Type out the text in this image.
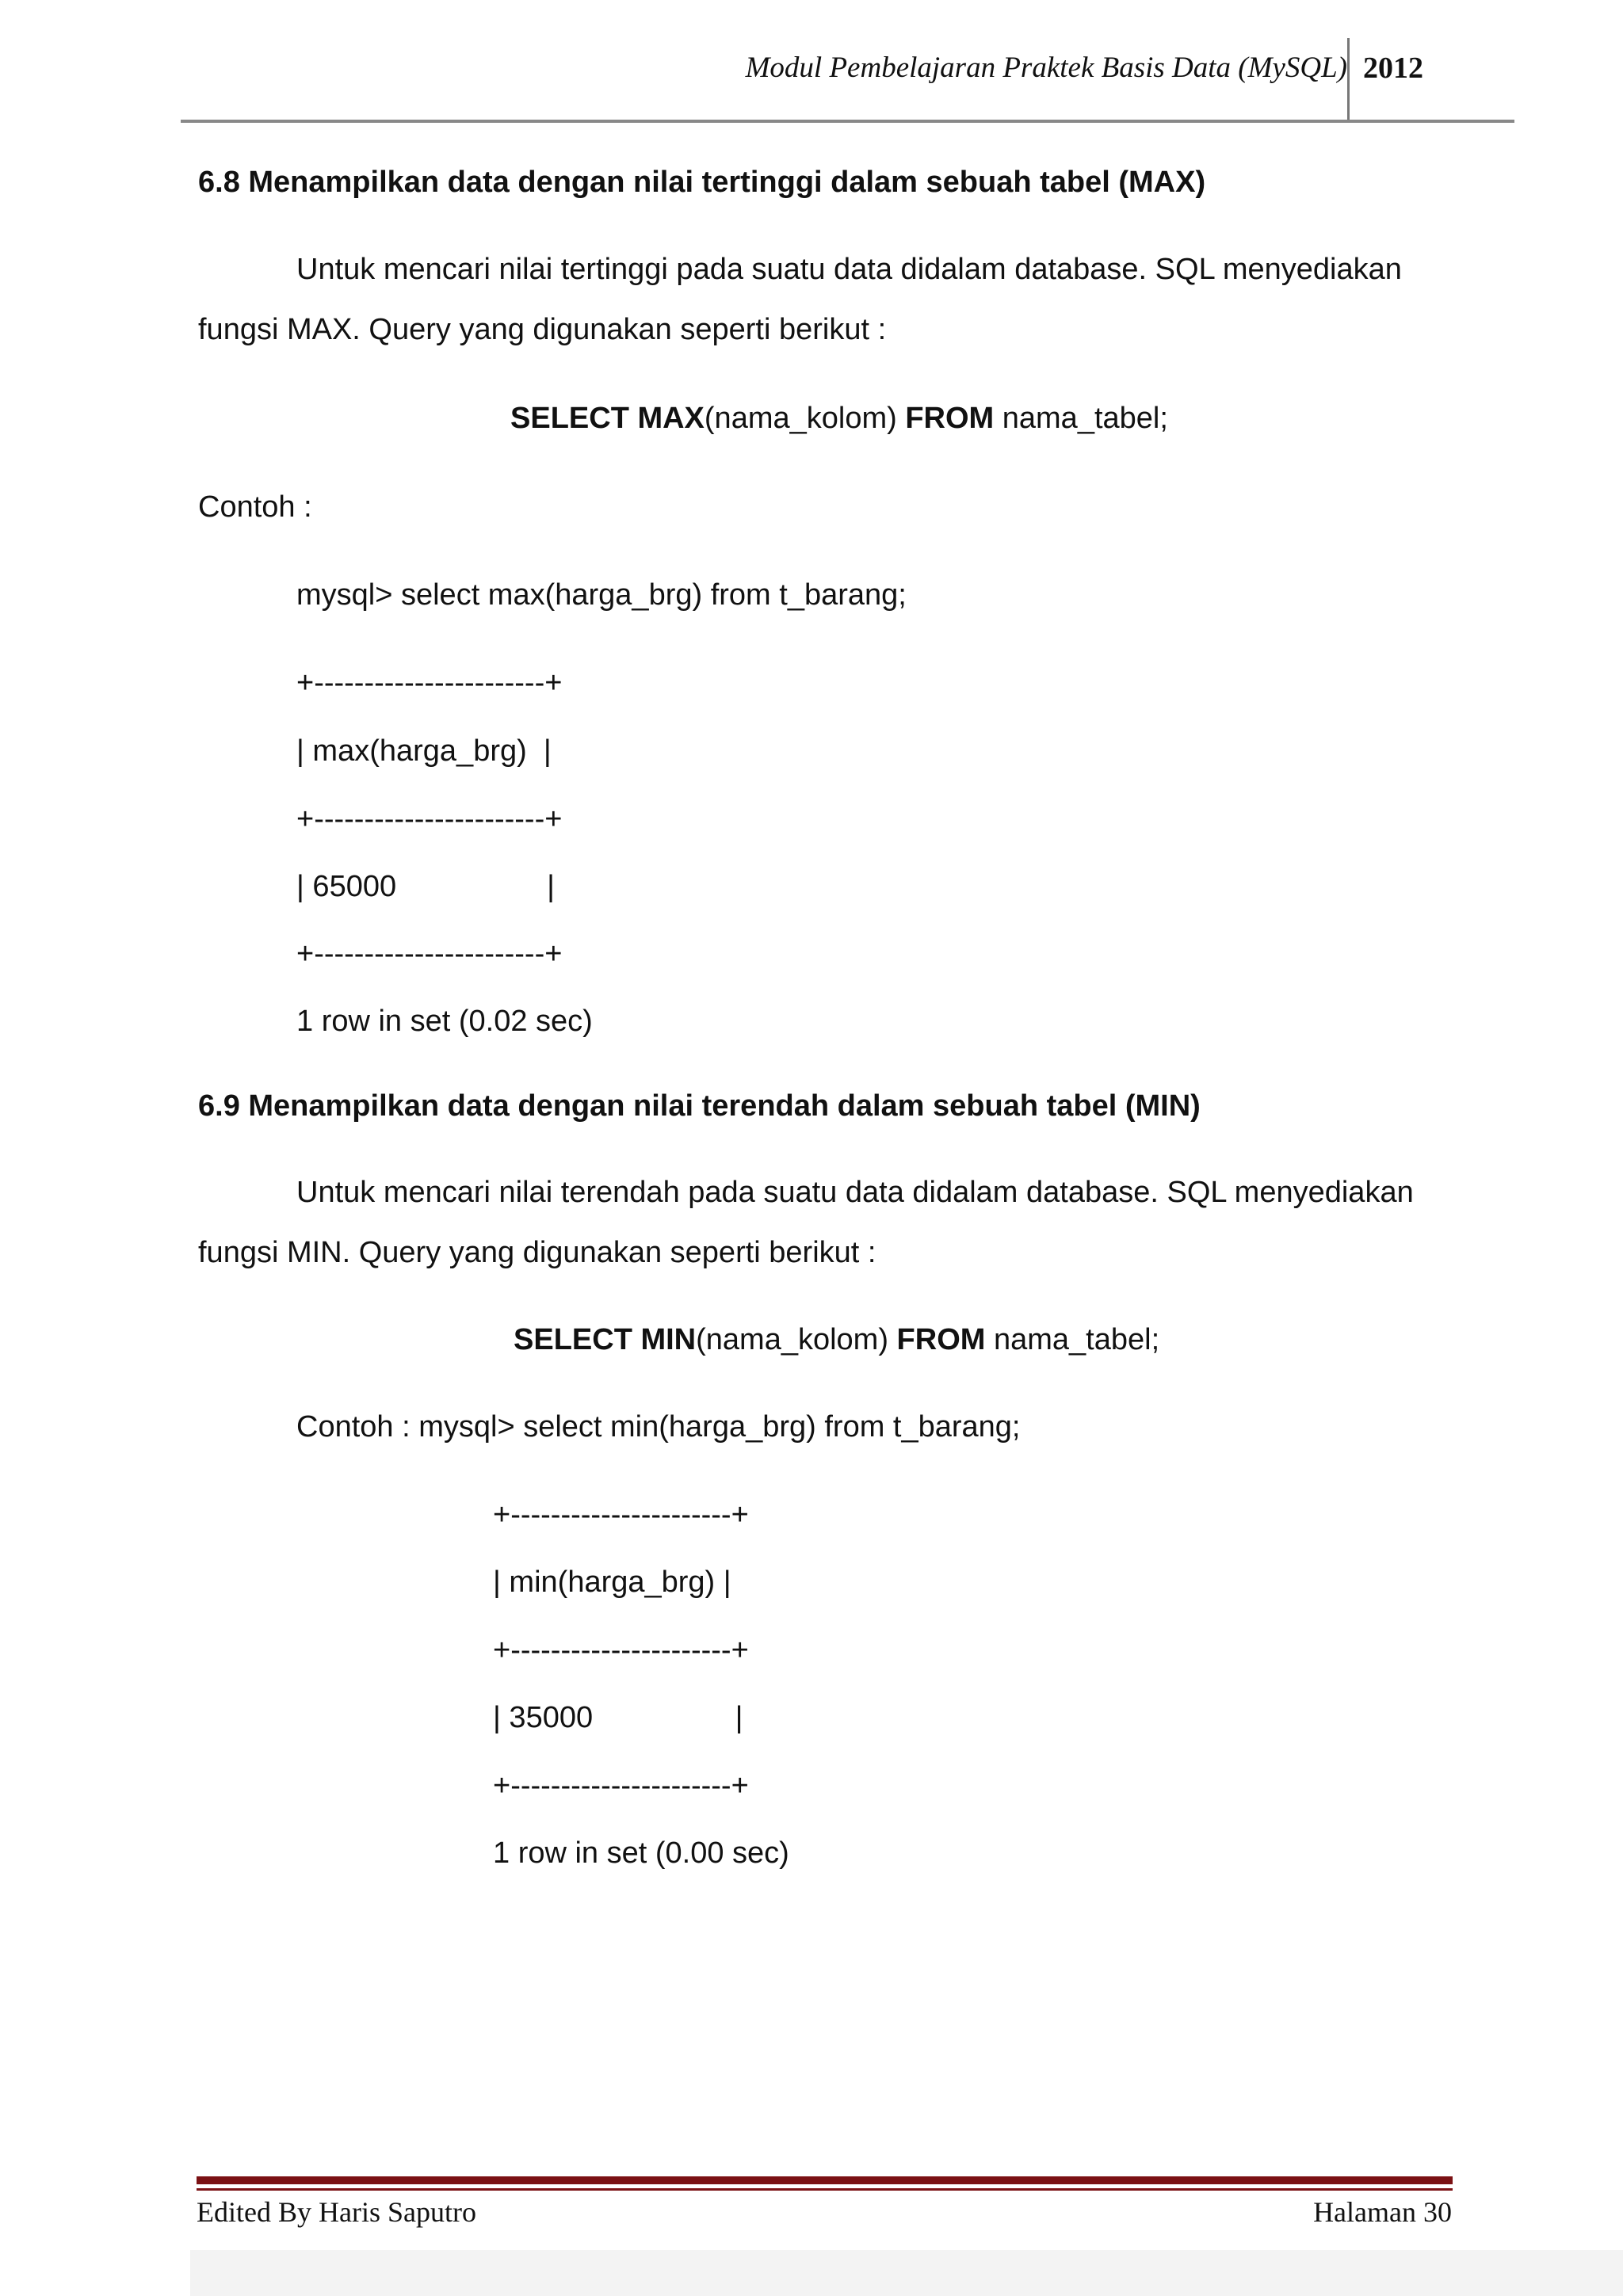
Modul Pembelajaran Praktek Basis Data (MySQL) 2012
6.8 Menampilkan data dengan nilai tertinggi dalam sebuah tabel (MAX)
Untuk mencari nilai tertinggi pada suatu data didalam database. SQL menyediakan
fungsi MAX. Query yang digunakan seperti berikut :
SELECT MAX(nama_kolom) FROM nama_tabel;
Contoh :
mysql> select max(harga_brg) from t_barang;
+-----------------------+
| max(harga_brg)  |
+-----------------------+
| 65000                  |
+-----------------------+
1 row in set (0.02 sec)
6.9 Menampilkan data dengan nilai terendah dalam sebuah tabel (MIN)
Untuk mencari nilai terendah pada suatu data didalam database. SQL menyediakan
fungsi MIN. Query yang digunakan seperti berikut :
SELECT MIN(nama_kolom) FROM nama_tabel;
Contoh : mysql> select min(harga_brg) from t_barang;
+----------------------+
| min(harga_brg) |
+----------------------+
| 35000                 |
+----------------------+
1 row in set (0.00 sec)
Edited By Haris Saputro	Halaman 30
